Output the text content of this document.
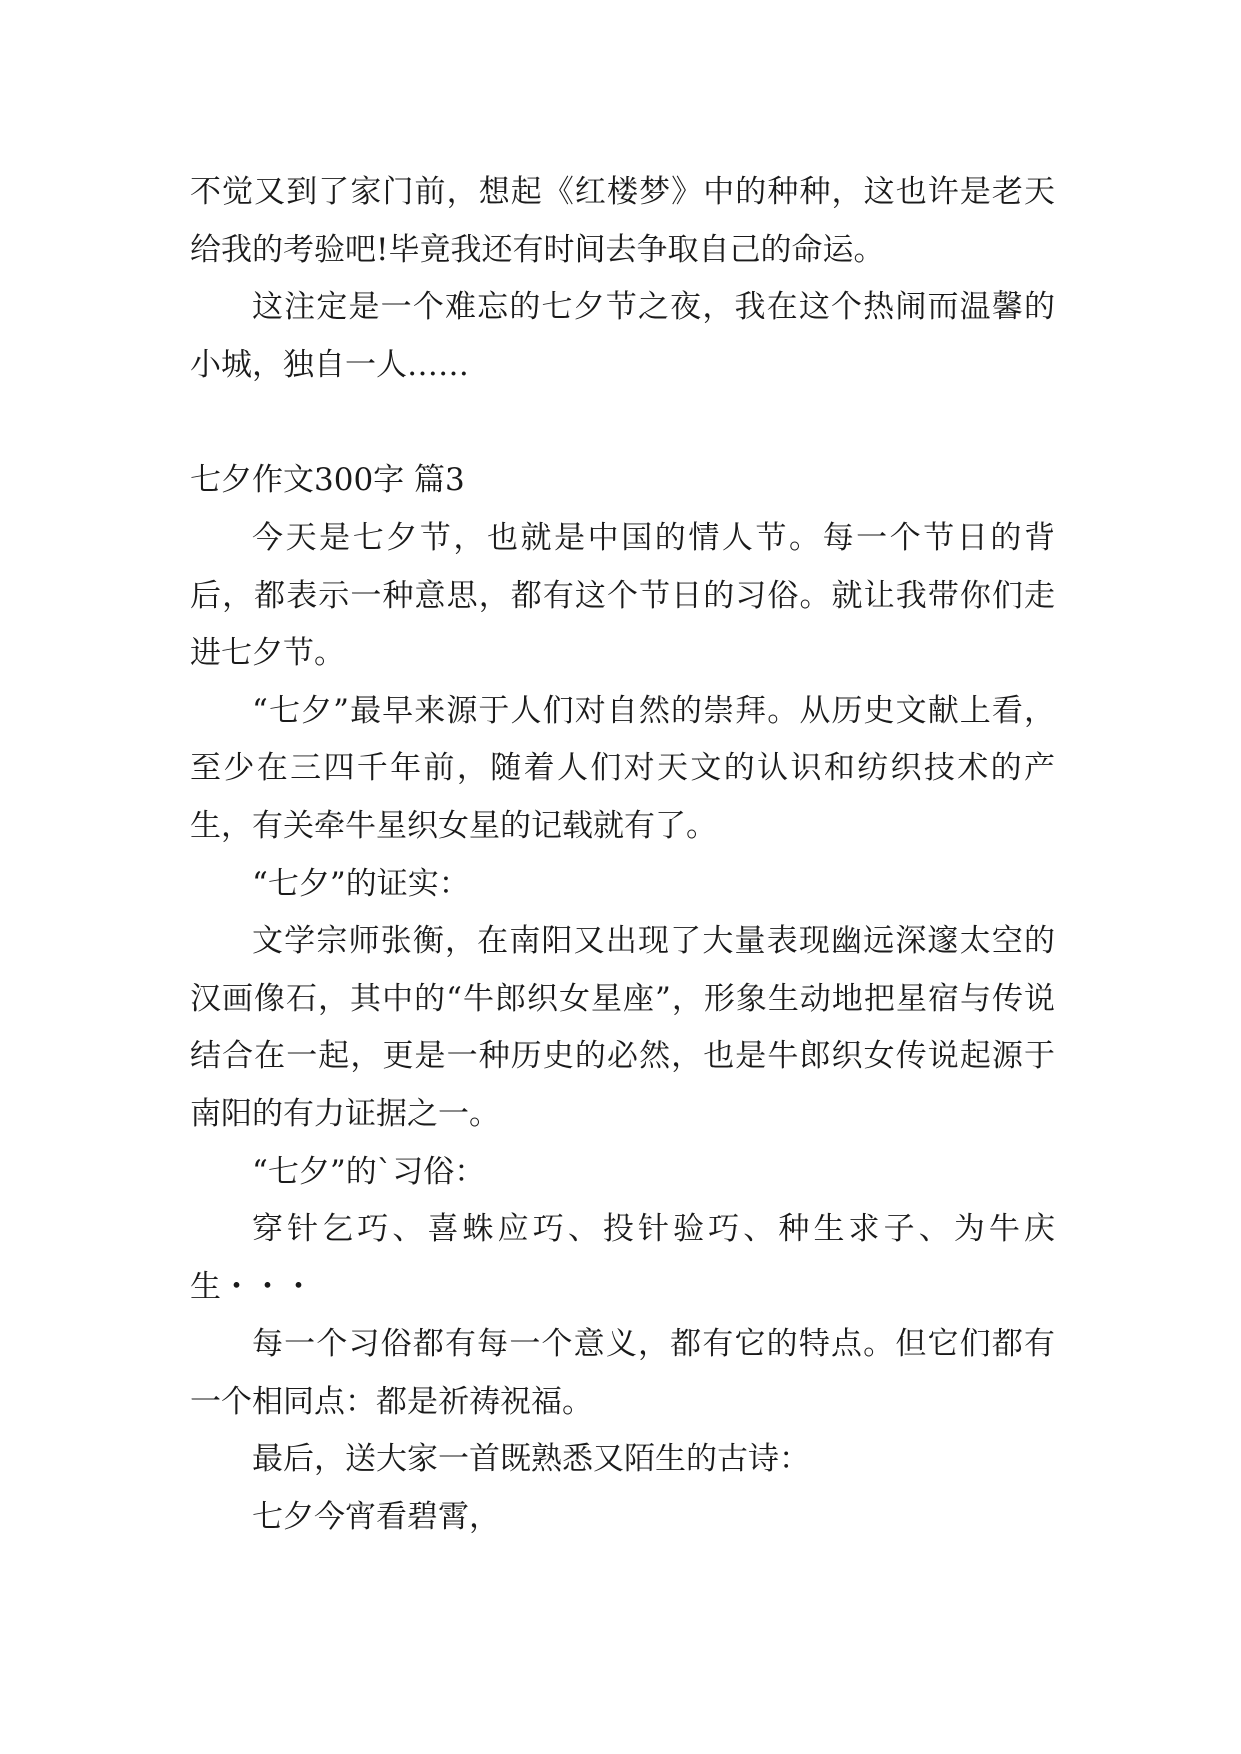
不觉又到了家门前，想起《红楼梦》中的种种，这也许是老天给我的考验吧!毕竟我还有时间去争取自己的命运。

这注定是一个难忘的七夕节之夜，我在这个热闹而温馨的小城，独自一人……

七夕作文300字 篇3

今天是七夕节，也就是中国的情人节。每一个节日的背后，都表示一种意思，都有这个节日的习俗。就让我带你们走进七夕节。

“七夕”最早来源于人们对自然的崇拜。从历史文献上看，至少在三四千年前，随着人们对天文的认识和纺织技术的产生，有关牵牛星织女星的记载就有了。

“七夕”的证实：

文学宗师张衡，在南阳又出现了大量表现幽远深邃太空的汉画像石，其中的“牛郎织女星座”，形象生动地把星宿与传说结合在一起，更是一种历史的必然，也是牛郎织女传说起源于南阳的有力证据之一。

“七夕”的`习俗：

穿针乞巧、喜蛛应巧、投针验巧、种生求子、为牛庆生・・・

每一个习俗都有每一个意义，都有它的特点。但它们都有一个相同点：都是祈祷祝福。

最后，送大家一首既熟悉又陌生的古诗：

七夕今宵看碧霄，
